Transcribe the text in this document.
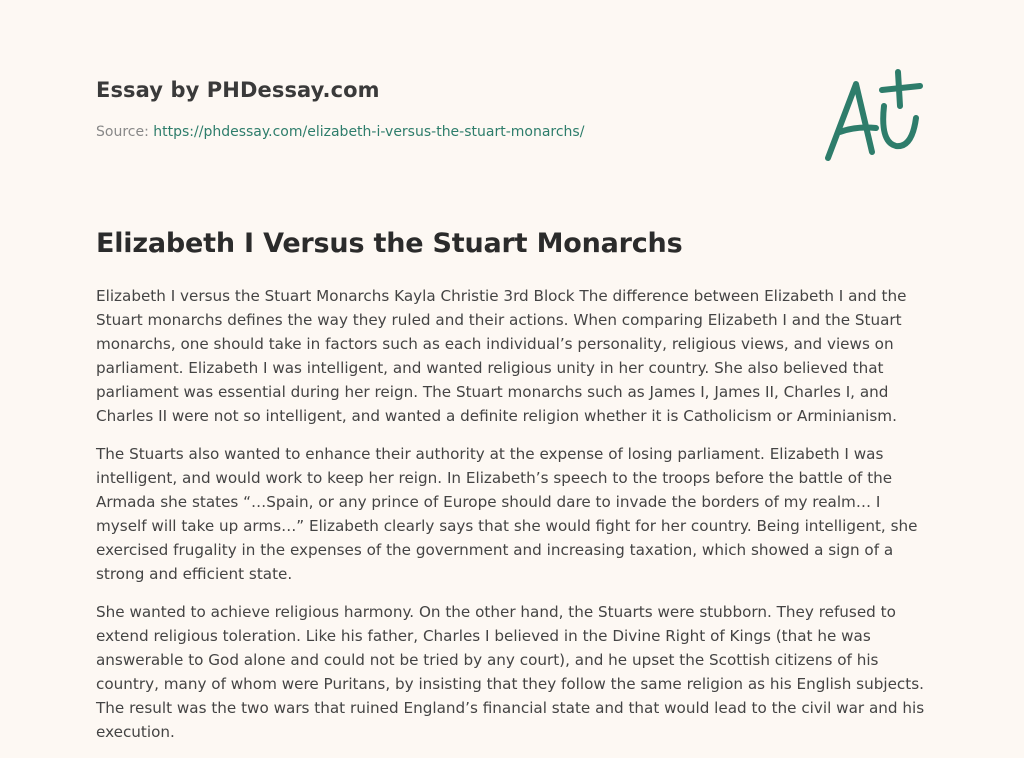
Essay by PHDessay.com
Source: https://phdessay.com/elizabeth-i-versus-the-stuart-monarchs/
Elizabeth I Versus the Stuart Monarchs

Elizabeth I versus the Stuart Monarchs Kayla Christie 3rd Block The difference between Elizabeth I and the Stuart monarchs defines the way they ruled and their actions. When comparing Elizabeth I and the Stuart monarchs, one should take in factors such as each individual’s personality, religious views, and views on parliament. Elizabeth I was intelligent, and wanted religious unity in her country. She also believed that parliament was essential during her reign. The Stuart monarchs such as James I, James II, Charles I, and Charles II were not so intelligent, and wanted a definite religion whether it is Catholicism or Arminianism.

The Stuarts also wanted to enhance their authority at the expense of losing parliament. Elizabeth I was intelligent, and would work to keep her reign. In Elizabeth’s speech to the troops before the battle of the Armada she states “…Spain, or any prince of Europe should dare to invade the borders of my realm… I myself will take up arms…” Elizabeth clearly says that she would fight for her country. Being intelligent, she exercised frugality in the expenses of the government and increasing taxation, which showed a sign of a strong and efficient state.

She wanted to achieve religious harmony. On the other hand, the Stuarts were stubborn. They refused to extend religious toleration. Like his father, Charles I believed in the Divine Right of Kings (that he was answerable to God alone and could not be tried by any court), and he upset the Scottish citizens of his country, many of whom were Puritans, by insisting that they follow the same religion as his English subjects. The result was the two wars that ruined England’s financial state and that would lead to the civil war and his execution.
